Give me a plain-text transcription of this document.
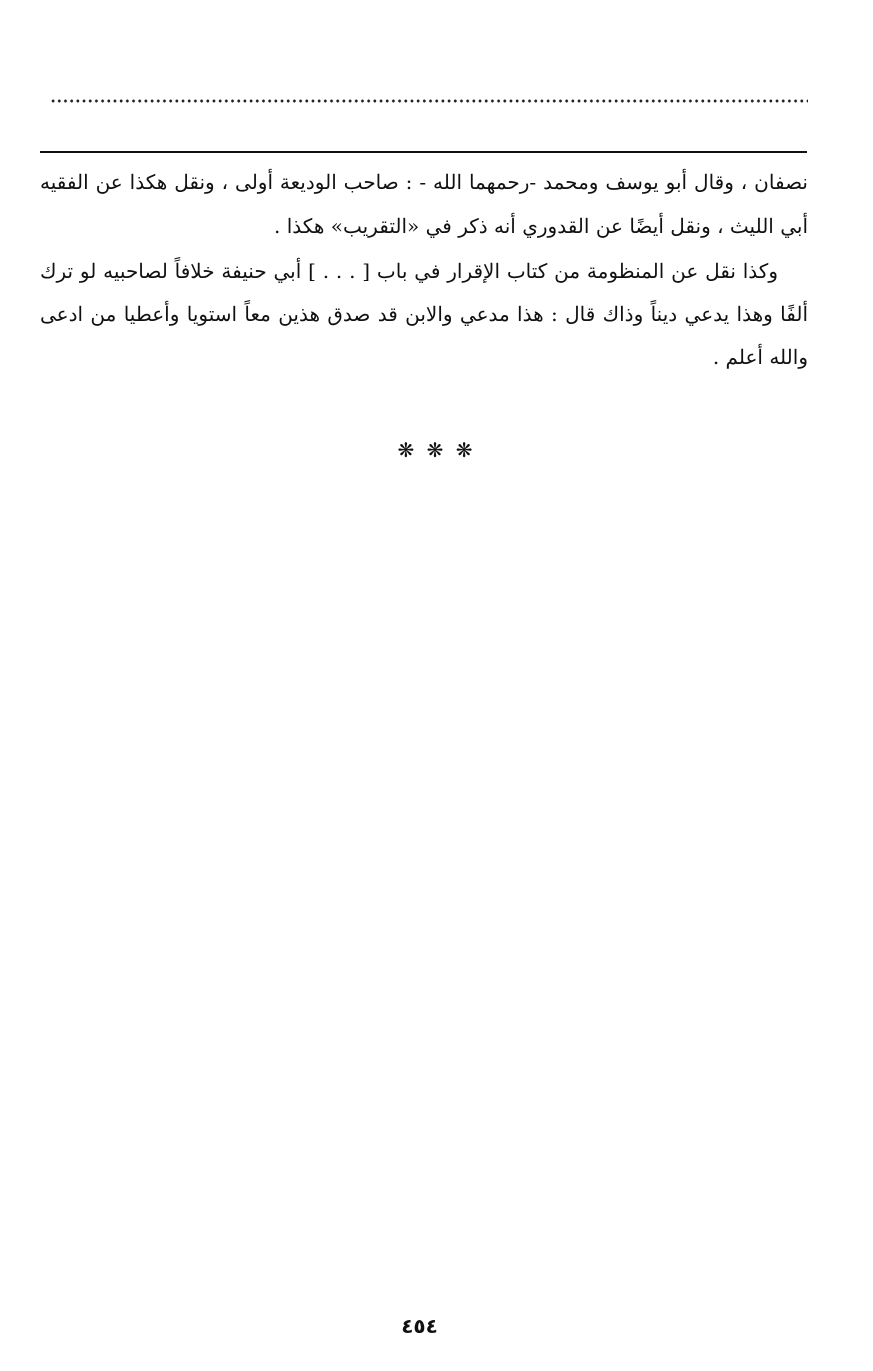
نصفان ، وقال أبو يوسف ومحمد -رحمهما الله - : صاحب الوديعة أولى ، ونقل هكذا عن الفقيه أبي الليث ، ونقل أيضًا عن القدوري أنه ذكر في «التقريب» هكذا .

وكذا نقل عن المنظومة من كتاب الإقرار في باب [ . . . ] أبي حنيفة خلافاً لصاحبيه لو ترك ألفًا وهذا يدعي ديناً وذاك قال : هذا مدعي والابن قد صدق هذين معاً استويا وأعطيا من ادعى والله أعلم .

❋ ❋ ❋
٤٥٤
